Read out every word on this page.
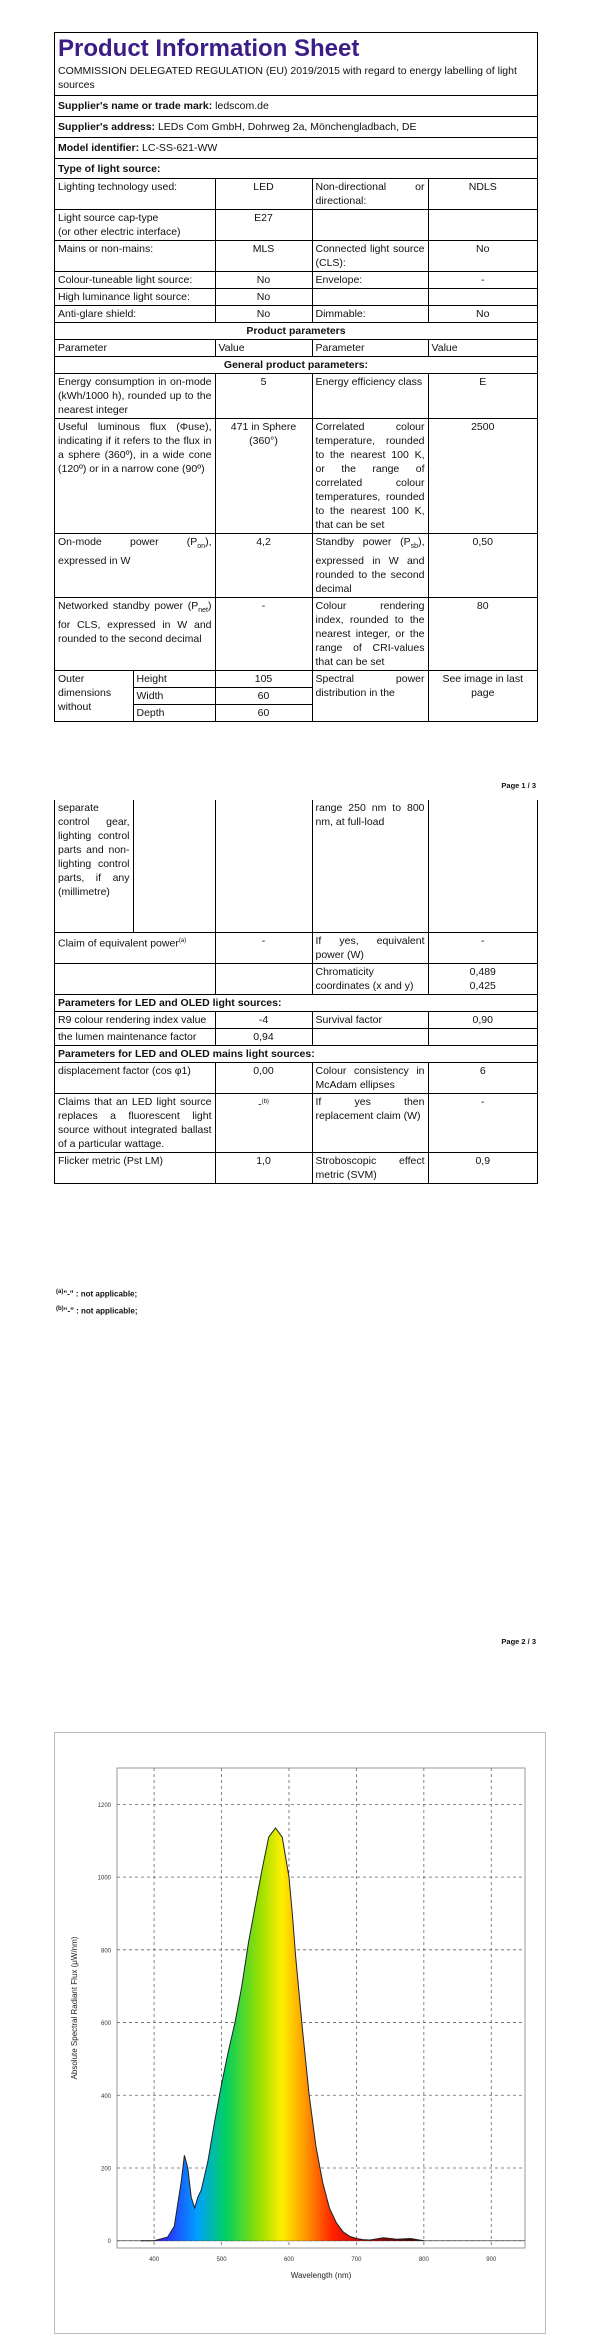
Product Information Sheet
COMMISSION DELEGATED REGULATION (EU) 2019/2015 with regard to energy labelling of light sources
Supplier's name or trade mark: ledscom.de
Supplier's address: LEDs Com GmbH, Dohrweg 2a, Mönchengladbach, DE
Model identifier: LC-SS-621-WW
Type of light source:
Lighting technology used:	LED	Non-directional or directional:	NDLS
Light source cap-type
(or other electric interface)	E27		
Mains or non-mains:	MLS	Connected light source (CLS):	No
Colour-tuneable light source:	No	Envelope:	-
High luminance light source:	No		
Anti-glare shield:	No	Dimmable:	No
Product parameters				
Parameter		Value	Parameter	Value
General product parameters:				
Energy consumption in on-mode (kWh/1000 h), rounded up to the nearest integer		5	Energy efficiency class	E
Useful luminous flux (Φuse), indicating if it refers to the flux in a sphere (360º), in a wide cone (120º) or in a narrow cone (90º)		471 in Sphere (360°)	Correlated colour temperature, rounded to the nearest 100 K, or the range of correlated colour temperatures, rounded to the nearest 100 K, that can be set	2500
On-mode power $(P_{on})$, expressed in W		4,2	Standby power $(P_{sb})$, expressed in W and rounded to the second decimal	0,50
Networked standby power $(P_{net})$ for CLS, expressed in W and rounded to the second decimal		-	Colour rendering index, rounded to the nearest integer, or the range of CRI-values that can be set	80
Outer dimensions without	Height	105	Spectral power distribution in the	See image in last page
	Width	60		
	Depth	60		
Page 1 / 3
separate control gear, lighting control parts and non-lighting control parts, if any (millimetre)			range 250 nm to 800 nm, at full-load	
Claim of equivalent power$^{(a)}$		-	If yes, equivalent power (W)	-
			Chromaticity coordinates (x and y)	0,489
0,425

Parameters for LED and OLED light sources:				
R9 colour rendering index value		-4	Survival factor	0,90
the lumen maintenance factor		0,94		
Parameters for LED and OLED mains light sources:				
displacement factor (cos φ1)		0,00	Colour consistency in McAdam ellipses	6
Claims that an LED light source replaces a fluorescent light source without integrated ballast of a particular wattage.		-$^{(b)}$	If yes then replacement claim (W)	-
Flicker metric (Pst LM)		1,0	Stroboscopic effect metric (SVM)	0,9
$^{(a)}$"-" : not applicable;
$^{(b)}$"-" : not applicable;
Page 2 / 3
0
200
400
600
800
1000
1200
400	500	600	700	800	900
Wavelength (nm)
Absolute Spectral Radiant Flux (μW/nm)
